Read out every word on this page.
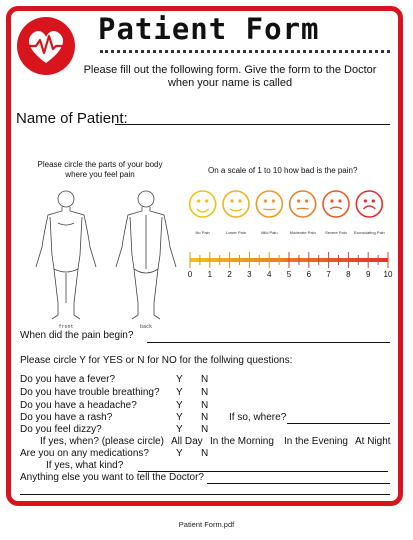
Patient Form
Please fill out the following form. Give the form to the Doctor when your name is called
Name of Patient:
Please circle the parts of your body where you feel pain
front	back
On a scale of 1 to 10 how bad is the pain?
No Pain	Lower Pain	Mild Pain	Moderate Pain Severe Pain Excruciating Pain
0 1 2 3 4 5 6 7 8 9 10
When did the pain begin?
Please circle Y for YES or N for NO for the follwing questions:
Do you have a fever?	Y N
Do you have trouble breathing? Y N
Do you have a headache?	Y N
Do you have a rash?	Y N If so, where?
Do you feel dizzy?	Y N
If yes, when? (please circle) All Day In the Morning In the Evening At Night
Are you on any medications?	Y N
If yes, what kind?
Anything else you want to tell the Doctor?
Patient Form.pdf
